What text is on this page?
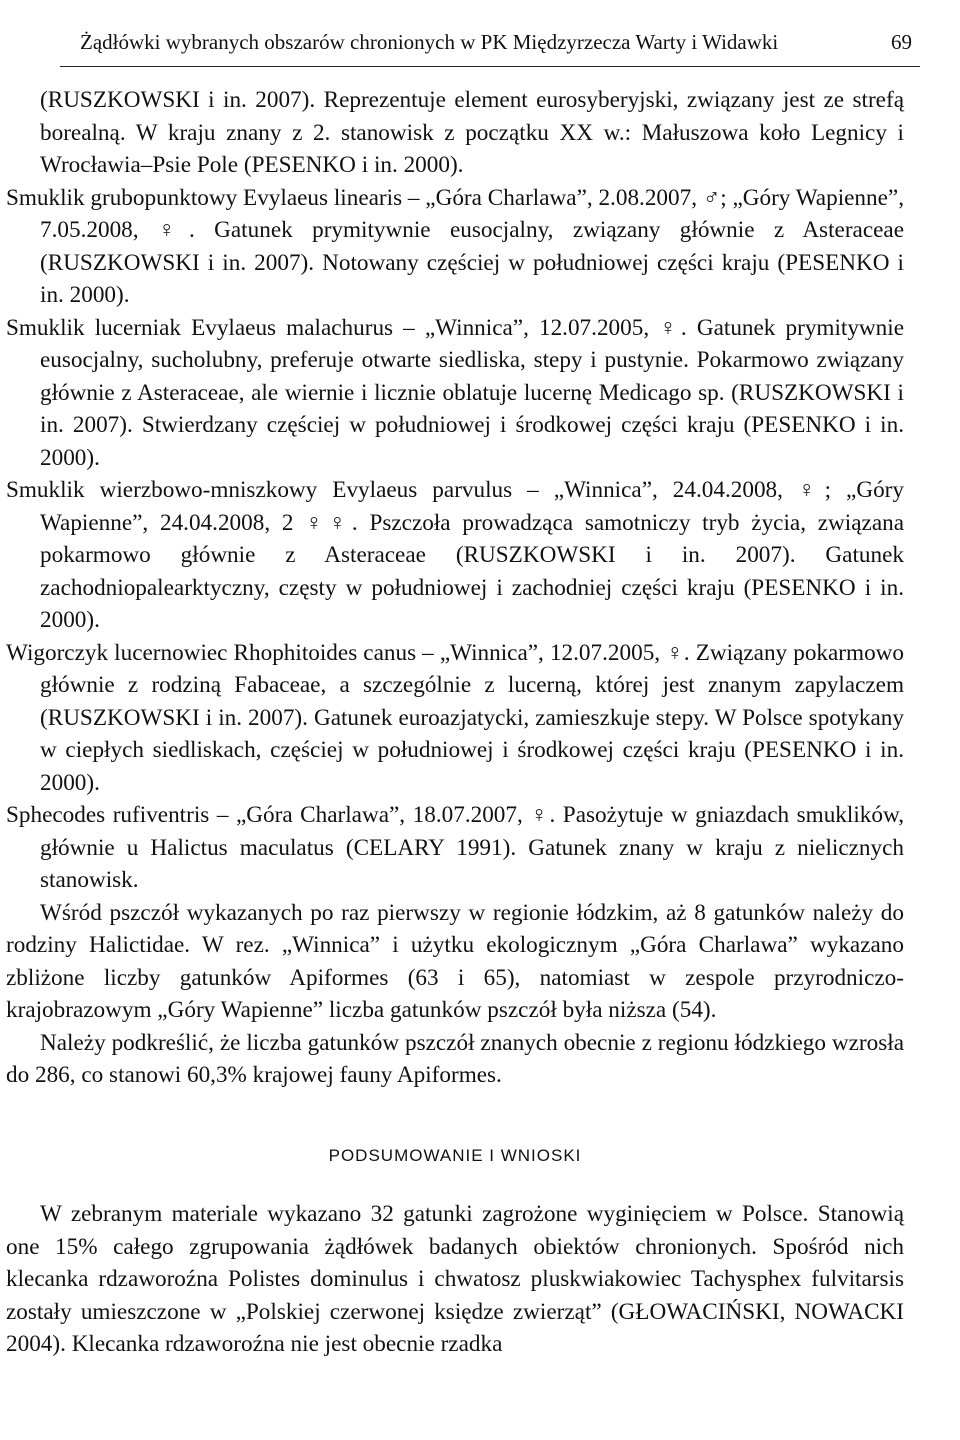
Żądłówki wybranych obszarów chronionych w PK Międzyrzecza Warty i Widawki	69

(RUSZKOWSKI i in. 2007). Reprezentuje element eurosyberyjski, związany jest ze strefą borealną. W kraju znany z 2. stanowisk z początku XX w.: Małuszowa koło Legnicy i Wrocławia–Psie Pole (PESENKO i in. 2000).

Smuklik grubopunktowy Evylaeus linearis – „Góra Charlawa”, 2.08.2007, ♂; „Góry Wapienne”, 7.05.2008, ♀. Gatunek prymitywnie eusocjalny, związany głównie z Asteraceae (RUSZKOWSKI i in. 2007). Notowany częściej w południowej części kraju (PESENKO i in. 2000).

Smuklik lucerniak Evylaeus malachurus – „Winnica”, 12.07.2005, ♀. Gatunek prymitywnie eusocjalny, sucholubny, preferuje otwarte siedliska, stepy i pustynie. Pokarmowo związany głównie z Asteraceae, ale wiernie i licznie oblatuje lucernę Medicago sp. (RUSZKOWSKI i in. 2007). Stwierdzany częściej w południowej i środkowej części kraju (PESENKO i in. 2000).

Smuklik wierzbowo-mniszkowy Evylaeus parvulus – „Winnica”, 24.04.2008, ♀; „Góry Wapienne”, 24.04.2008, 2 ♀♀. Pszczoła prowadząca samotniczy tryb życia, związana pokarmowo głównie z Asteraceae (RUSZKOWSKI i in. 2007). Gatunek zachodniopalearktyczny, częsty w południowej i zachodniej części kraju (PESENKO i in. 2000).

Wigorczyk lucernowiec Rhophitoides canus – „Winnica”, 12.07.2005, ♀. Związany pokarmowo głównie z rodziną Fabaceae, a szczególnie z lucerną, której jest znanym zapylaczem (RUSZKOWSKI i in. 2007). Gatunek euroazjatycki, zamieszkuje stepy. W Polsce spotykany w ciepłych siedliskach, częściej w południowej i środkowej części kraju (PESENKO i in. 2000).

Sphecodes rufiventris – „Góra Charlawa”, 18.07.2007, ♀. Pasożytuje w gniazdach smuklików, głównie u Halictus maculatus (CELARY 1991). Gatunek znany w kraju z nielicznych stanowisk.

Wśród pszczół wykazanych po raz pierwszy w regionie łódzkim, aż 8 gatunków należy do rodziny Halictidae. W rez. „Winnica” i użytku ekologicznym „Góra Charlawa” wykazano zbliżone liczby gatunków Apiformes (63 i 65), natomiast w zespole przyrodniczo-krajobrazowym „Góry Wapienne” liczba gatunków pszczół była niższa (54).

Należy podkreślić, że liczba gatunków pszczół znanych obecnie z regionu łódzkiego wzrosła do 286, co stanowi 60,3% krajowej fauny Apiformes.

PODSUMOWANIE I WNIOSKI

W zebranym materiale wykazano 32 gatunki zagrożone wyginięciem w Polsce. Stanowią one 15% całego zgrupowania żądłówek badanych obiektów chronionych. Spośród nich klecanka rdzaworoźna Polistes dominulus i chwatosz pluskwiakowiec Tachysphex fulvitarsis zostały umieszczone w „Polskiej czerwonej księdze zwierząt” (GŁOWACIŃSKI, NOWACKI 2004). Klecanka rdzaworoźna nie jest obecnie rzadka
